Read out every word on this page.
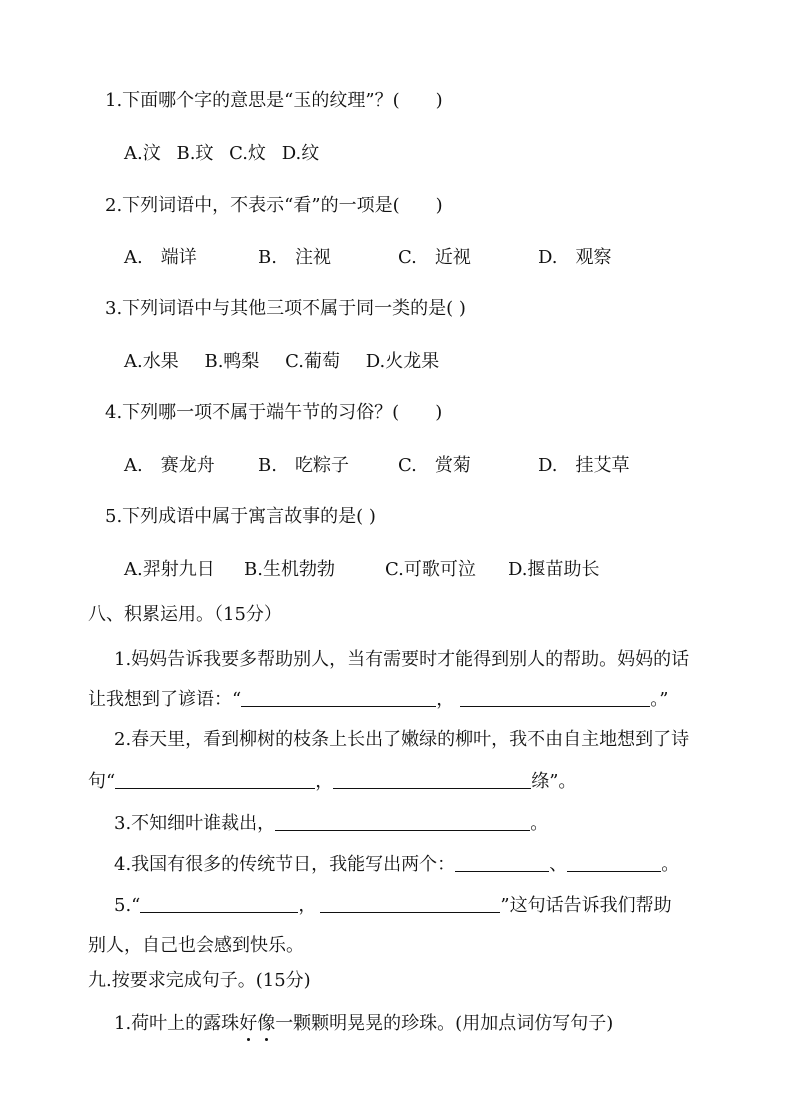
1.下面哪个字的意思是“玉的纹理”？(　　)
A.汶 B.玟 C.炆 D.纹
2.下列词语中，不表示“看”的一项是(　　)
A.　端详	B.　注视	C.　近视	D.　观察
3.下列词语中与其他三项不属于同一类的是( )
A.水果 B.鸭梨 C.葡萄 D.火龙果
4.下列哪一项不属于端午节的习俗？(　　)
A.　赛龙舟 B.　吃粽子	C.　赏菊	D.　挂艾草
5.下列成语中属于寓言故事的是( )
A.羿射九日 B.生机勃勃	C.可歌可泣 D.揠苗助长
八、积累运用。（15分）
1.妈妈告诉我要多帮助别人，当有需要时才能得到别人的帮助。妈妈的话
让我想到了谚语：“	，	。”
2.春天里，看到柳树的枝条上长出了嫩绿的柳叶，我不由自主地想到了诗
句“	，	绦”。
3.不知细叶谁裁出，	。
4.我国有很多的传统节日，我能写出两个：	、	。
5.“	，	”这句话告诉我们帮助
别人，自己也会感到快乐。
九.按要求完成句子。(15分)
1.荷叶上的露珠好像一颗颗明晃晃的珍珠。(用加点词仿写句子)
